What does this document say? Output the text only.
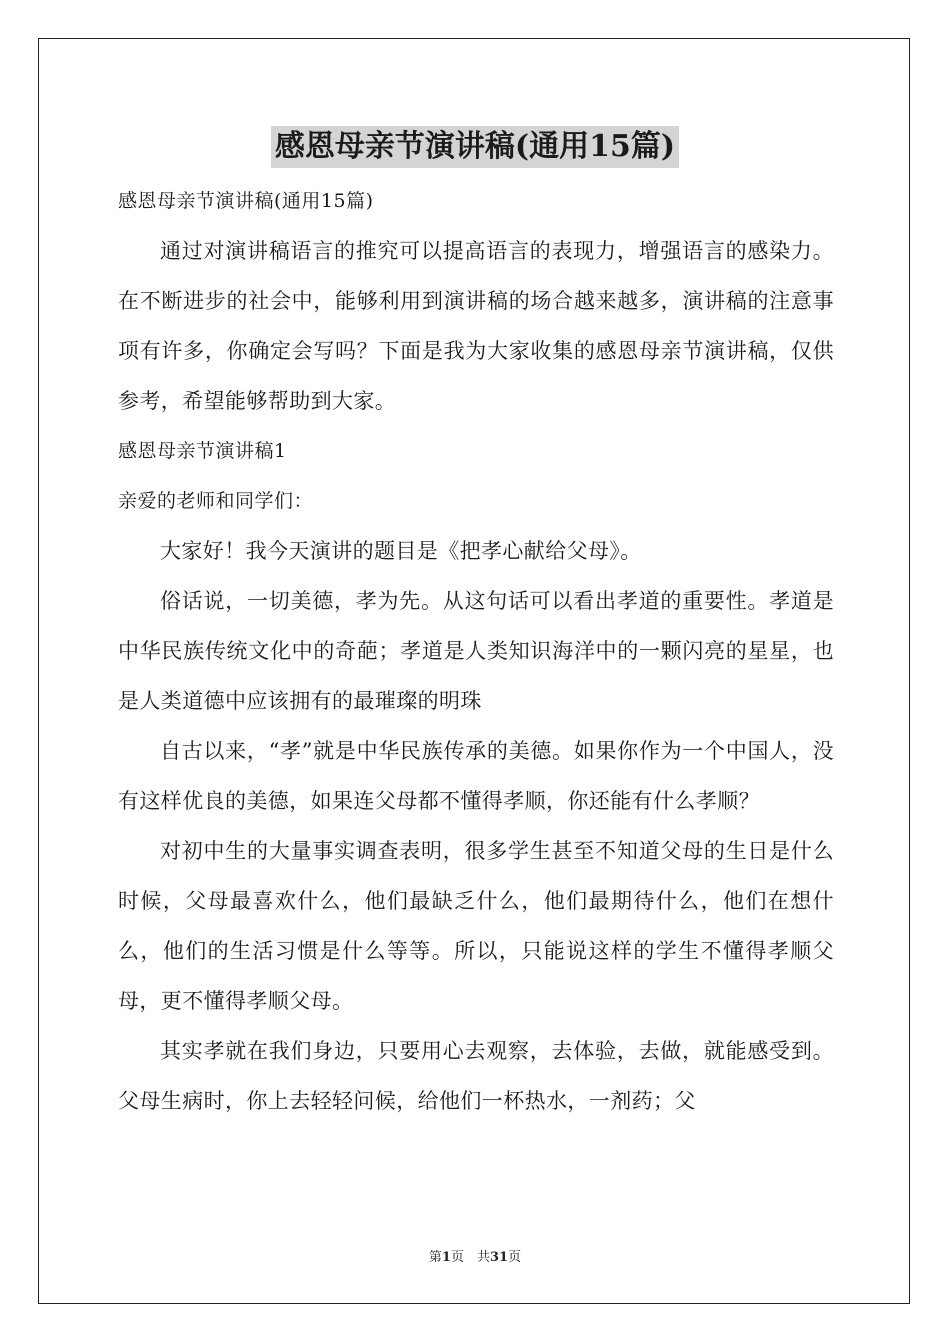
感恩母亲节演讲稿(通用15篇)

感恩母亲节演讲稿(通用15篇)

通过对演讲稿语言的推究可以提高语言的表现力，增强语言的感染力。在不断进步的社会中，能够利用到演讲稿的场合越来越多，演讲稿的注意事项有许多，你确定会写吗？下面是我为大家收集的感恩母亲节演讲稿，仅供参考，希望能够帮助到大家。

感恩母亲节演讲稿1

亲爱的老师和同学们：

大家好！我今天演讲的题目是《把孝心献给父母》。

俗话说，一切美德，孝为先。从这句话可以看出孝道的重要性。孝道是中华民族传统文化中的奇葩；孝道是人类知识海洋中的一颗闪亮的星星，也是人类道德中应该拥有的最璀璨的明珠

自古以来，“孝”就是中华民族传承的美德。如果你作为一个中国人，没有这样优良的美德，如果连父母都不懂得孝顺，你还能有什么孝顺？

对初中生的大量事实调查表明，很多学生甚至不知道父母的生日是什么时候，父母最喜欢什么，他们最缺乏什么，他们最期待什么，他们在想什么，他们的生活习惯是什么等等。所以，只能说这样的学生不懂得孝顺父母，更不懂得孝顺父母。

其实孝就在我们身边，只要用心去观察，去体验，去做，就能感受到。父母生病时，你上去轻轻问候，给他们一杯热水，一剂药；父

第1页　共31页
